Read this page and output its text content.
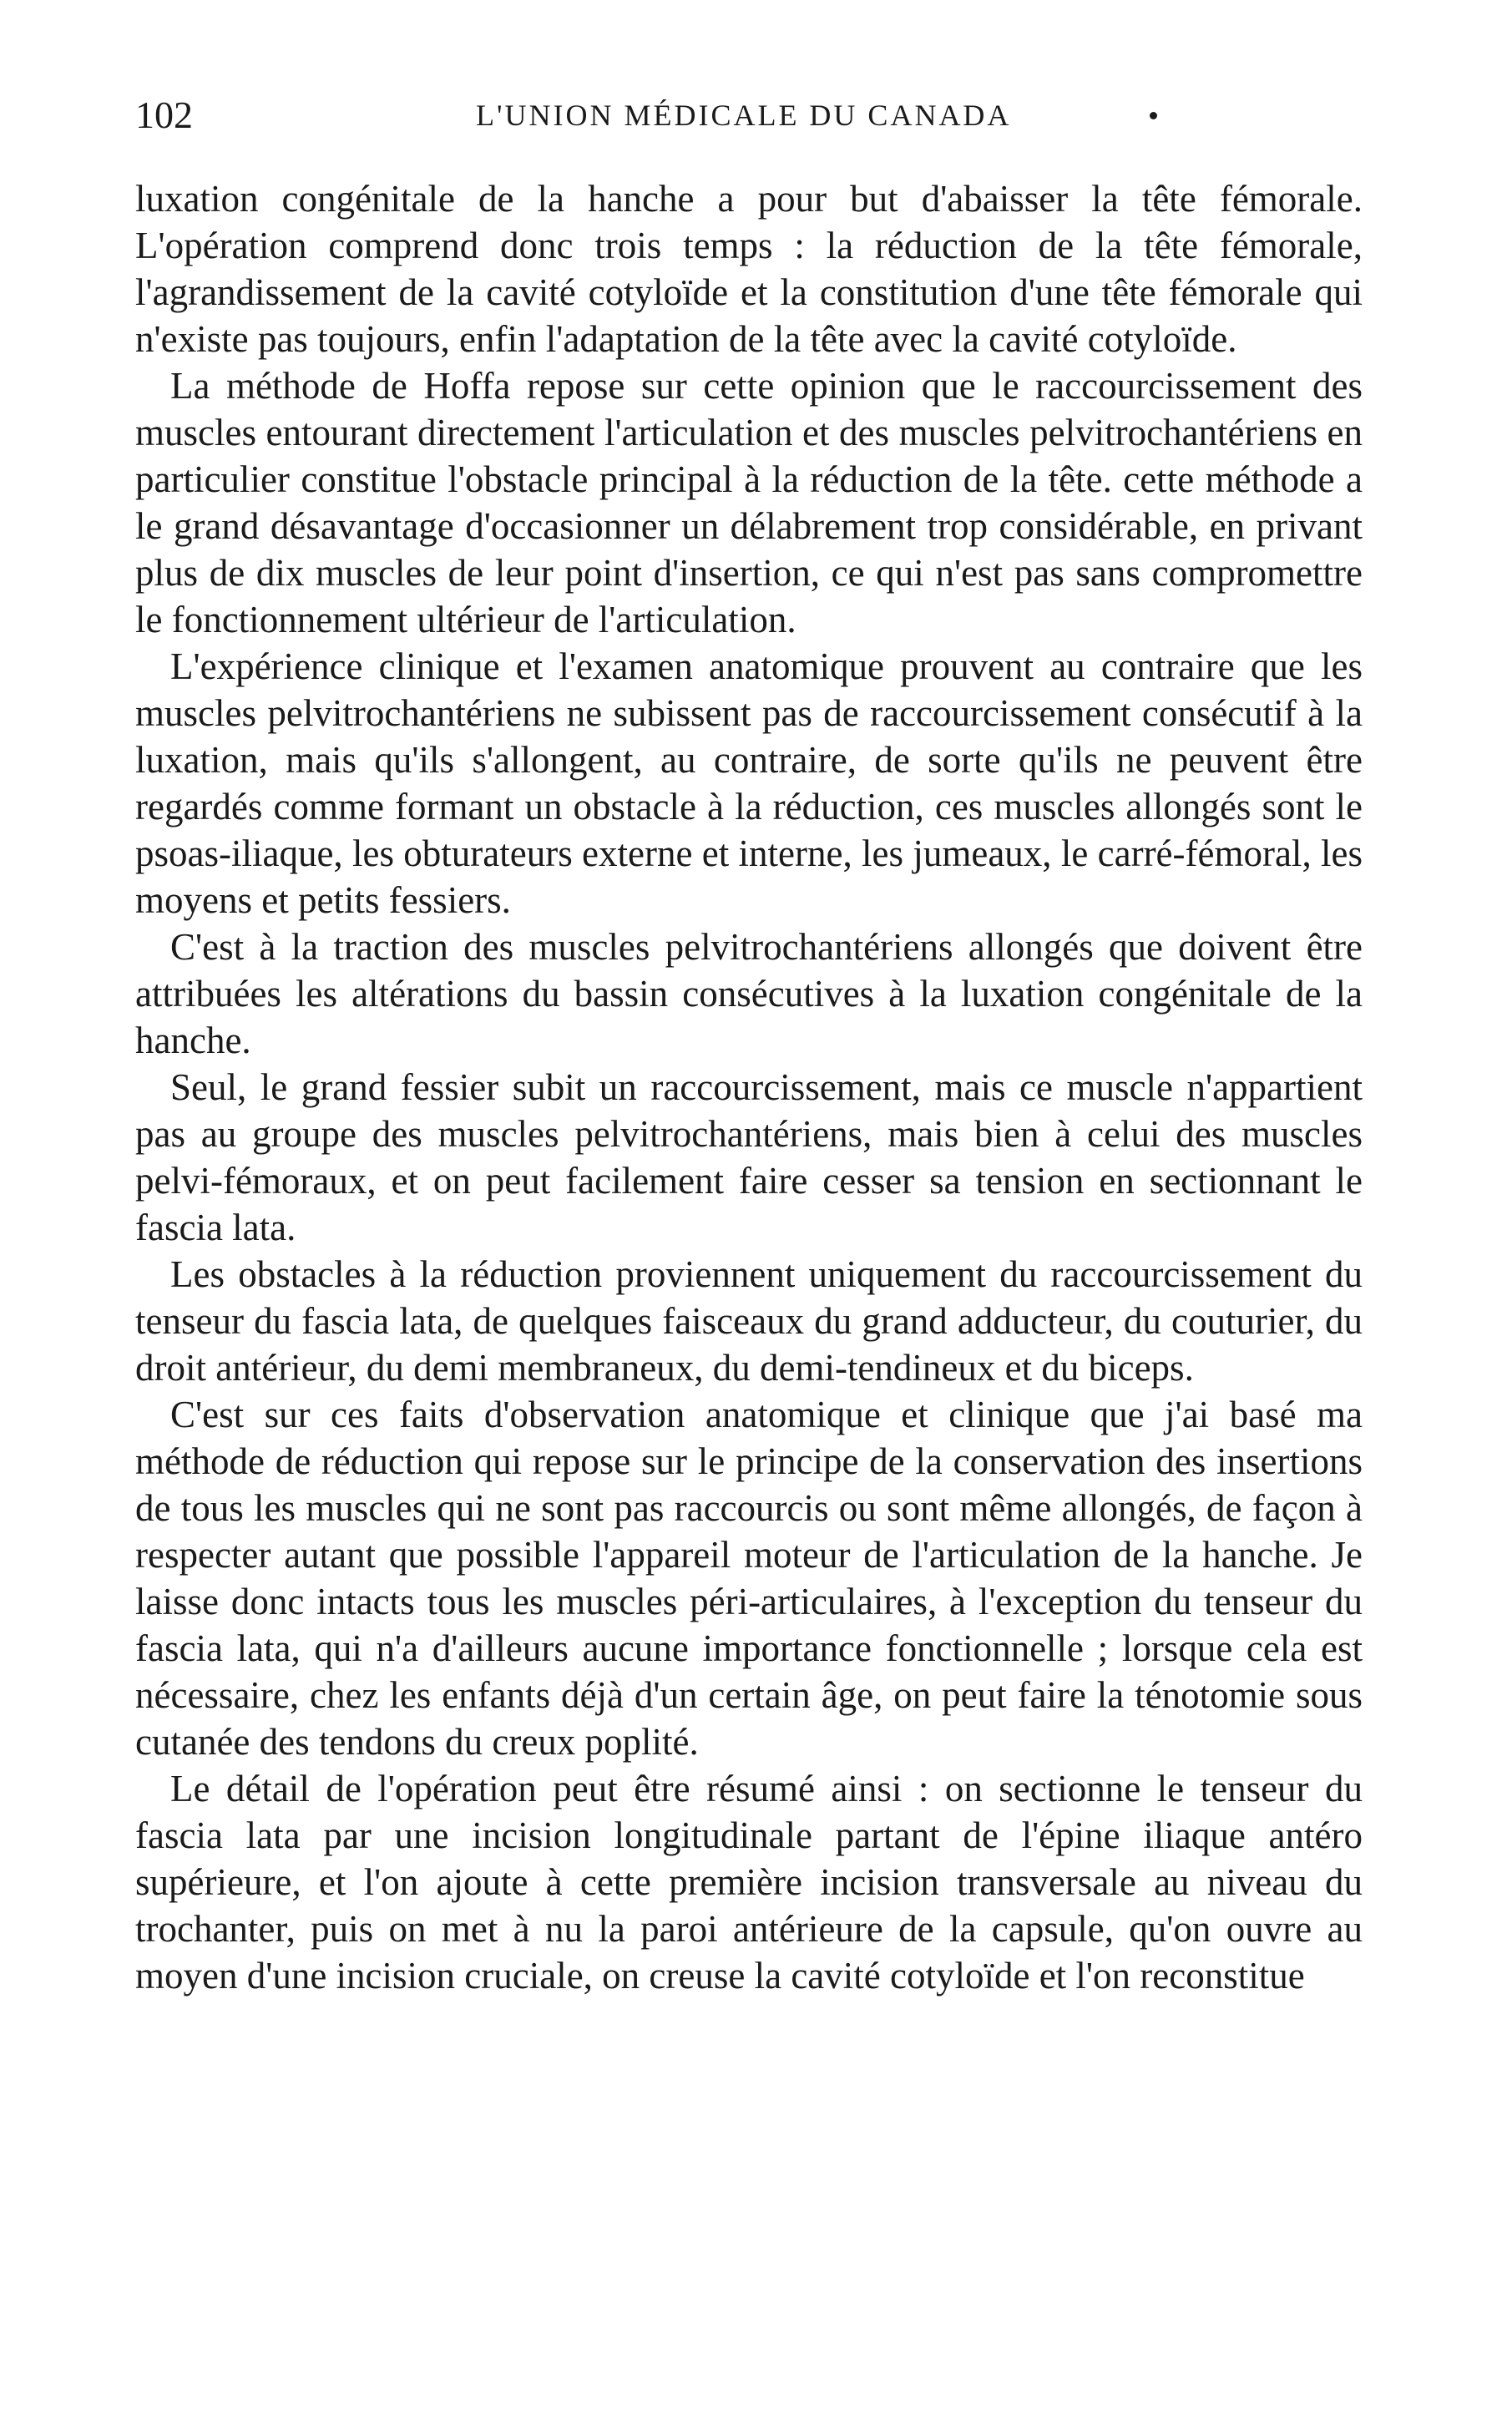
102	L'UNION MÉDICALE DU CANADA

luxation congénitale de la hanche a pour but d'abaisser la tête fémorale. L'opération comprend donc trois temps : la réduction de la tête fémorale, l'agrandissement de la cavité cotyloïde et la constitution d'une tête fémorale qui n'existe pas toujours, enfin l'adaptation de la tête avec la cavité cotyloïde.

La méthode de Hoffa repose sur cette opinion que le raccourcissement des muscles entourant directement l'articulation et des muscles pelvitrochantériens en particulier constitue l'obstacle principal à la réduction de la tête. cette méthode a le grand désavantage d'occasionner un délabrement trop considérable, en privant plus de dix muscles de leur point d'insertion, ce qui n'est pas sans compromettre le fonctionnement ultérieur de l'articulation.

L'expérience clinique et l'examen anatomique prouvent au contraire que les muscles pelvitrochantériens ne subissent pas de raccourcissement consécutif à la luxation, mais qu'ils s'allongent, au contraire, de sorte qu'ils ne peuvent être regardés comme formant un obstacle à la réduction, ces muscles allongés sont le psoas-iliaque, les obturateurs externe et interne, les jumeaux, le carré-fémoral, les moyens et petits fessiers.

C'est à la traction des muscles pelvitrochantériens allongés que doivent être attribuées les altérations du bassin consécutives à la luxation congénitale de la hanche.

Seul, le grand fessier subit un raccourcissement, mais ce muscle n'appartient pas au groupe des muscles pelvitrochantériens, mais bien à celui des muscles pelvi-fémoraux, et on peut facilement faire cesser sa tension en sectionnant le fascia lata.

Les obstacles à la réduction proviennent uniquement du raccourcissement du tenseur du fascia lata, de quelques faisceaux du grand adducteur, du couturier, du droit antérieur, du demi membraneux, du demi-tendineux et du biceps.

C'est sur ces faits d'observation anatomique et clinique que j'ai basé ma méthode de réduction qui repose sur le principe de la conservation des insertions de tous les muscles qui ne sont pas raccourcis ou sont même allongés, de façon à respecter autant que possible l'appareil moteur de l'articulation de la hanche. Je laisse donc intacts tous les muscles péri-articulaires, à l'exception du tenseur du fascia lata, qui n'a d'ailleurs aucune importance fonctionnelle ; lorsque cela est nécessaire, chez les enfants déjà d'un certain âge, on peut faire la ténotomie sous cutanée des tendons du creux poplité.

Le détail de l'opération peut être résumé ainsi : on sectionne le tenseur du fascia lata par une incision longitudinale partant de l'épine iliaque antéro supérieure, et l'on ajoute à cette première incision transversale au niveau du trochanter, puis on met à nu la paroi antérieure de la capsule, qu'on ouvre au moyen d'une incision cruciale, on creuse la cavité cotyloïde et l'on reconstitue
